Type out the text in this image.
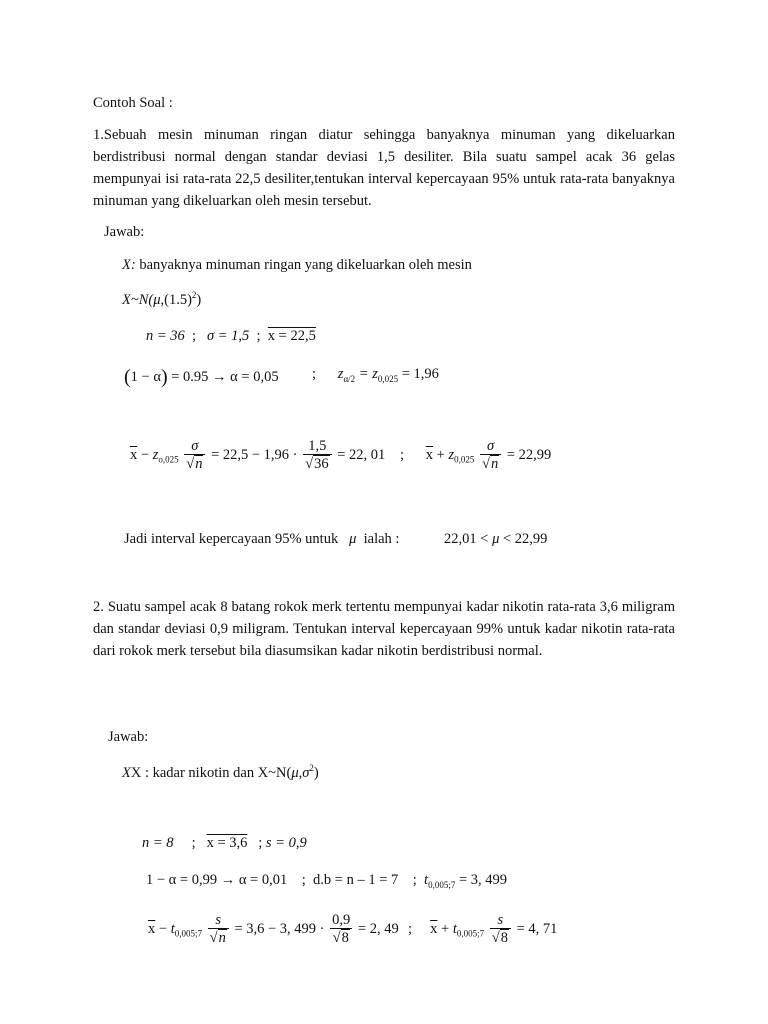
Contoh Soal :
1.Sebuah mesin minuman ringan diatur sehingga banyaknya minuman yang dikeluarkan berdistribusi normal dengan standar deviasi 1,5 desiliter. Bila suatu sampel acak 36 gelas mempunyai isi rata-rata 22,5 desiliter,tentukan interval kepercayaan 95% untuk rata-rata banyaknya minuman yang dikeluarkan oleh mesin tersebut.
Jawab:
X: banyaknya minuman ringan yang dikeluarkan oleh mesin
$X\sim N(\mu,(1.5)^2)$
n = 36  ;   σ = 1,5  ;  x = 22,5
(1 − α) = 0.95 → α = 0,05 ;      $z_{\alpha/2} = z_{0,025} = 1,96$
$\overline{x} - z_{o,025} \frac{\sigma}{√n} = 22,5 - 1,96 \cdot \frac{1,5}{√36} = 22$, 01 ;      $\overline{x} + z_{0,025} \frac{\sigma}{√n} = 22,99$
Jadi interval kepercayaan 95% untuk μ ialah :	22,01 < μ < 22,99
2. Suatu sampel acak 8 batang rokok merk tertentu mempunyai kadar nikotin rata-rata 3,6 miligram dan standar deviasi 0,9 miligram. Tentukan interval kepercayaan 99% untuk kadar nikotin rata-rata dari rokok merk tersebut bila diasumsikan kadar nikotin berdistribusi normal.
Jawab:
XX : kadar nikotin dan $X\sim N(\mu,\sigma^2)$
n = 8     ;   x = 3,6   ; s = 0,9
1 − α = 0,99 → α = 0,01    ;  d.b = n – 1 = 7    ;  $t_{0,005;7} = 3$, 499
$\overline{x} - t_{0,005;7} \frac{s}{√n} = 3,6 - 3$, $499 \cdot \frac{0,9}{√8} = 2$, 49 ;     $\overline{x} + t_{0,005;7} \frac{s}{√8} = 4$, 71
